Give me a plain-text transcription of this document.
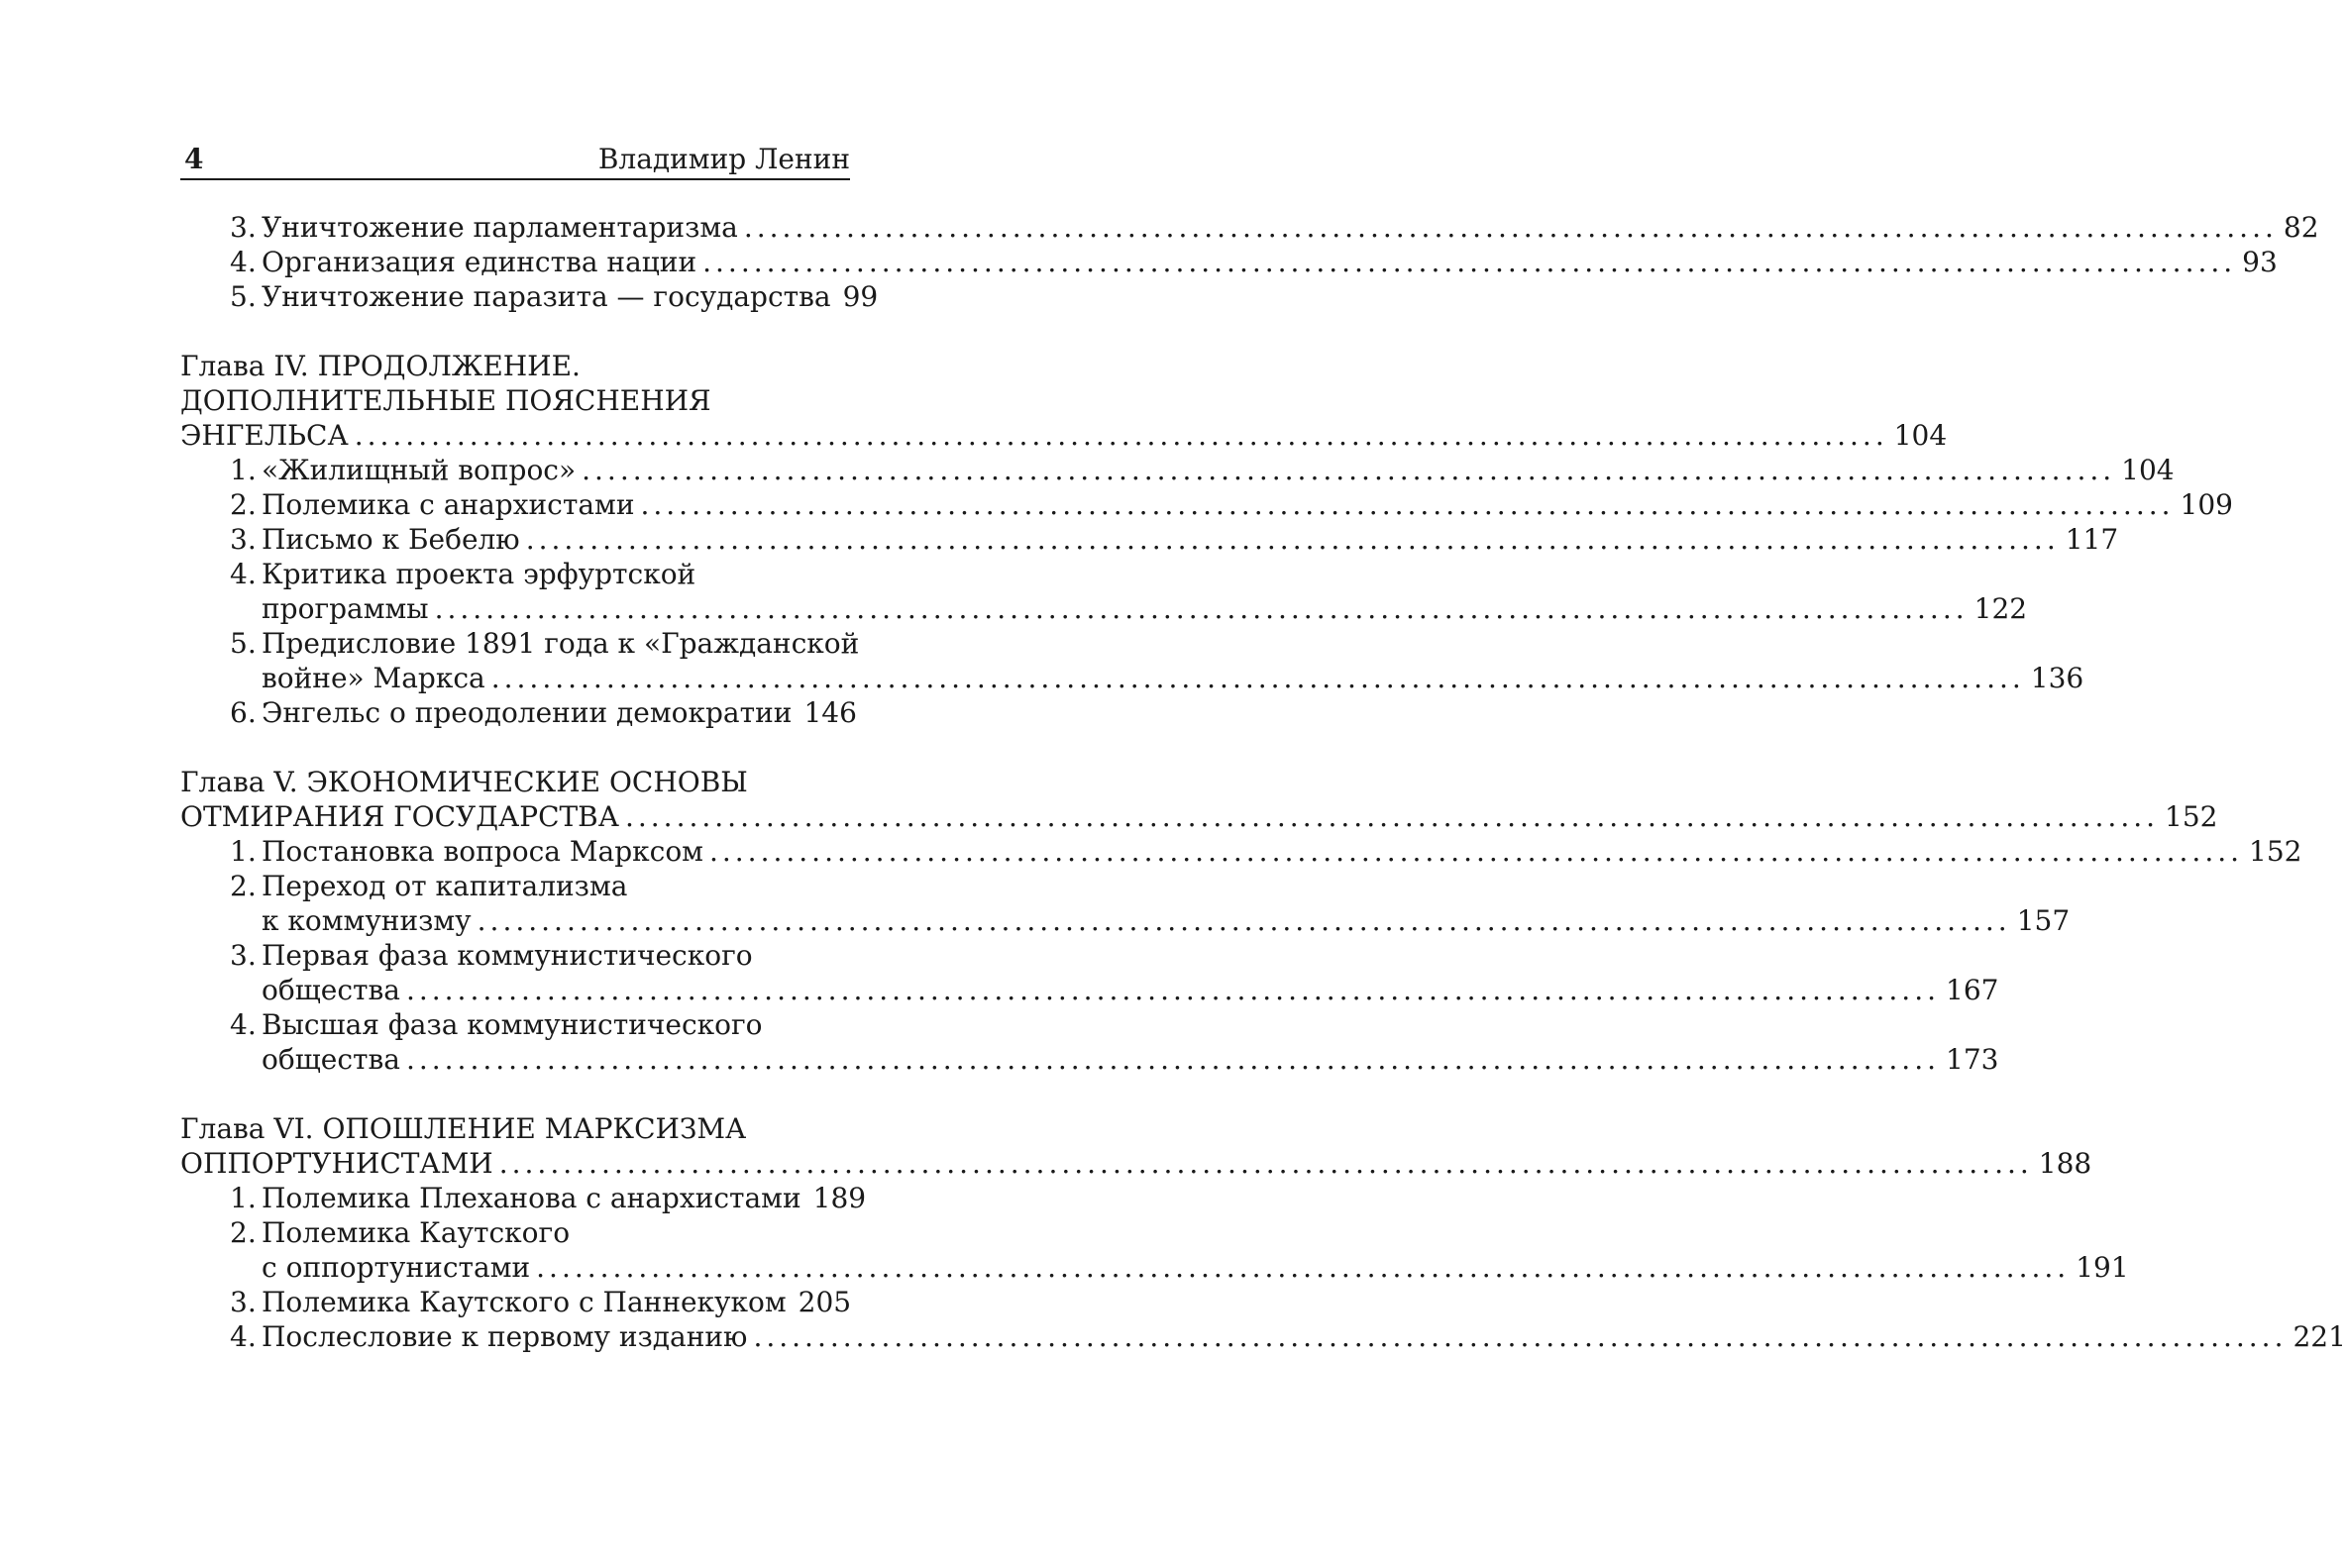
4	Владимир Ленин
3. Уничтожение парламентаризма ........................................................................................................................ 82
4. Организация единства нации ........................................................................................................................ 93
5. Уничтожение паразита — государства 99
Глава IV. ПРОДОЛЖЕНИЕ.
ДОПОЛНИТЕЛЬНЫЕ ПОЯСНЕНИЯ
ЭНГЕЛЬСА ........................................................................................................................ 104
1. «Жилищный вопрос» ........................................................................................................................ 104
2. Полемика с анархистами ........................................................................................................................ 109
3. Письмо к Бебелю ........................................................................................................................ 117
4. Критика проекта эрфуртской
программы ........................................................................................................................ 122
5. Предисловие 1891 года к «Гражданской
войне» Маркса ........................................................................................................................ 136
6. Энгельс о преодолении демократии 146
Глава V. ЭКОНОМИЧЕСКИЕ ОСНОВЫ
ОТМИРАНИЯ ГОСУДАРСТВА ........................................................................................................................ 152
1. Постановка вопроса Марксом ........................................................................................................................ 152
2. Переход от капитализма
к коммунизму ........................................................................................................................ 157
3. Первая фаза коммунистического
общества ........................................................................................................................ 167
4. Высшая фаза коммунистического
общества ........................................................................................................................ 173
Глава VI. ОПОШЛЕНИЕ МАРКСИЗМА
ОППОРТУНИСТАМИ ........................................................................................................................ 188
1. Полемика Плеханова с анархистами 189
2. Полемика Каутского
с оппортунистами ........................................................................................................................ 191
3. Полемика Каутского с Паннекуком 205
4. Послесловие к первому изданию ........................................................................................................................ 221
